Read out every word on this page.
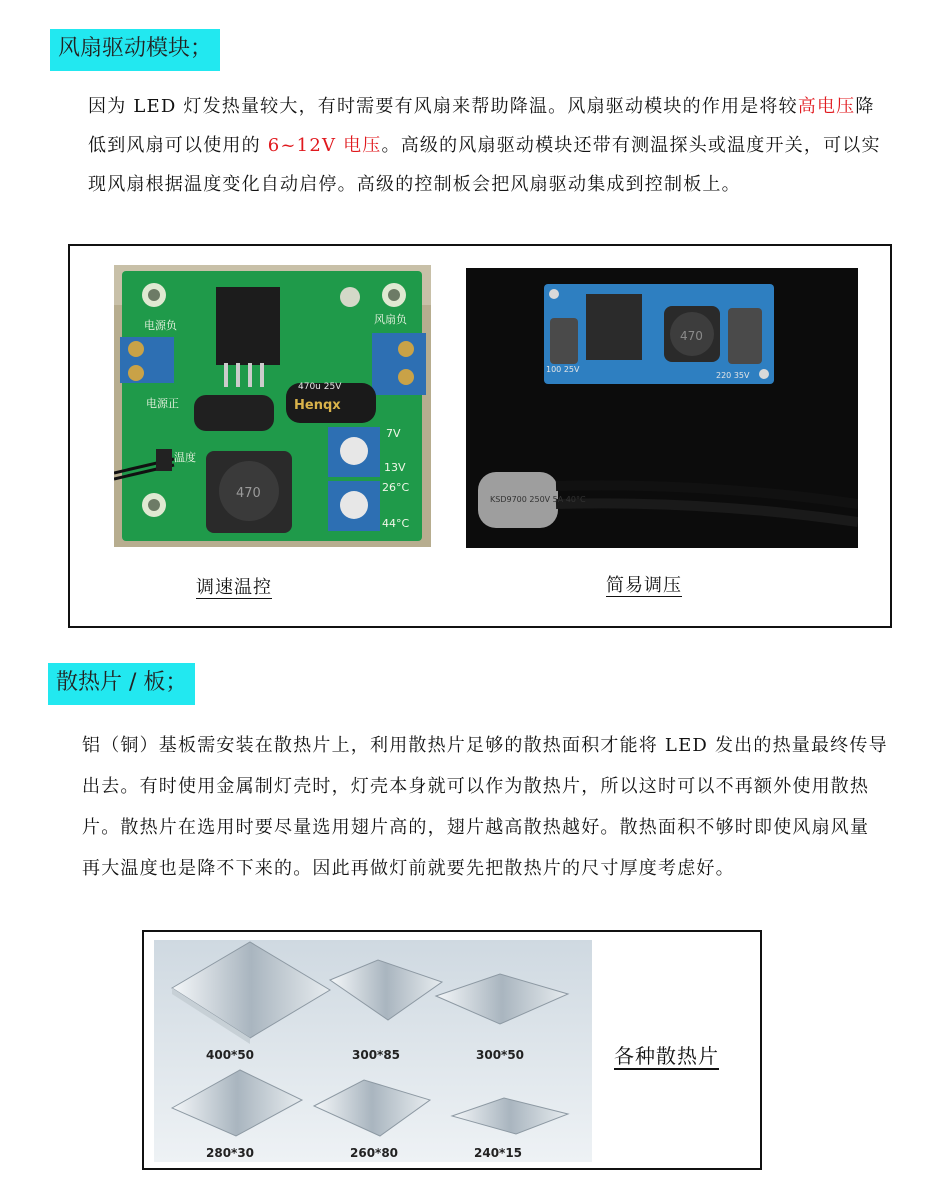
风扇驱动模块；

因为 LED 灯发热量较大，有时需要有风扇来帮助降温。风扇驱动模块的作用是将较高电压降低到风扇可以使用的 6~12V 电压。高级的风扇驱动模块还带有测温探头或温度开关，可以实现风扇根据温度变化自动启停。高级的控制板会把风扇驱动集成到控制板上。

电源负
电源正
风扇负
温度
7V
13V
26°C
44°C
470
Henqx
470u 25V
470
100 25V
220 35V
KSD9700 250V 5A 40°C
调速温控	简易调压
散热片 / 板；

铝（铜）基板需安装在散热片上，利用散热片足够的散热面积才能将 LED 发出的热量最终传导出去。有时使用金属制灯壳时，灯壳本身就可以作为散热片，所以这时可以不再额外使用散热片。散热片在选用时要尽量选用翅片高的，翅片越高散热越好。散热面积不够时即使风扇风量再大温度也是降不下来的。因此再做灯前就要先把散热片的尺寸厚度考虑好。

400*50	300*85	300*50
280*30	260*80	240*15
各种散热片
